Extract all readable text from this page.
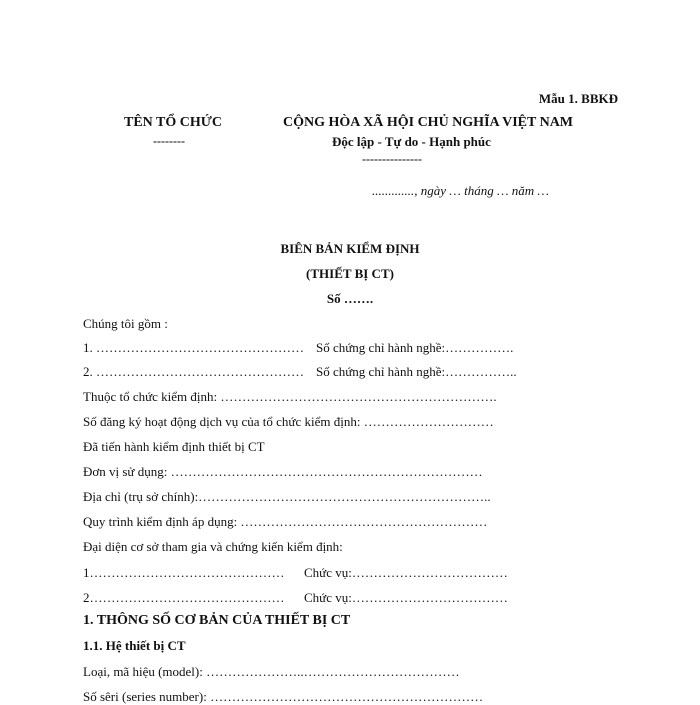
Mẫu 1. BBKĐ
TÊN TỔ CHỨC
--------
CỘNG HÒA XÃ HỘI CHỦ NGHĨA VIỆT NAM
Độc lập - Tự do - Hạnh phúc
---------------
............., ngày … tháng … năm …
BIÊN BẢN KIỂM ĐỊNH
(THIẾT BỊ CT)
Số …….
Chúng tôi gồm :
1. ………………………………………… Số chứng chỉ hành nghề:…………….
2. ………………………………………… Số chứng chỉ hành nghề:……………..
Thuộc tổ chức kiểm định: ……………………………………………………….
Số đăng ký hoạt động dịch vụ của tổ chức kiểm định: …………………………
Đã tiến hành kiểm định thiết bị CT
Đơn vị sử dụng: ………………………………………………………………
Địa chỉ (trụ sở chính):…………………………………………………………..
Quy trình kiểm định áp dụng: …………………………………………………
Đại diện cơ sở tham gia và chứng kiến kiểm định:
1……………………………………… Chức vụ:………………………………
2……………………………………… Chức vụ:………………………………
1. THÔNG SỐ CƠ BẢN CỦA THIẾT BỊ CT
1.1. Hệ thiết bị CT
Loại, mã hiệu (model): …………………..………………………………
Số sêri (series number): ………………………………………………………
